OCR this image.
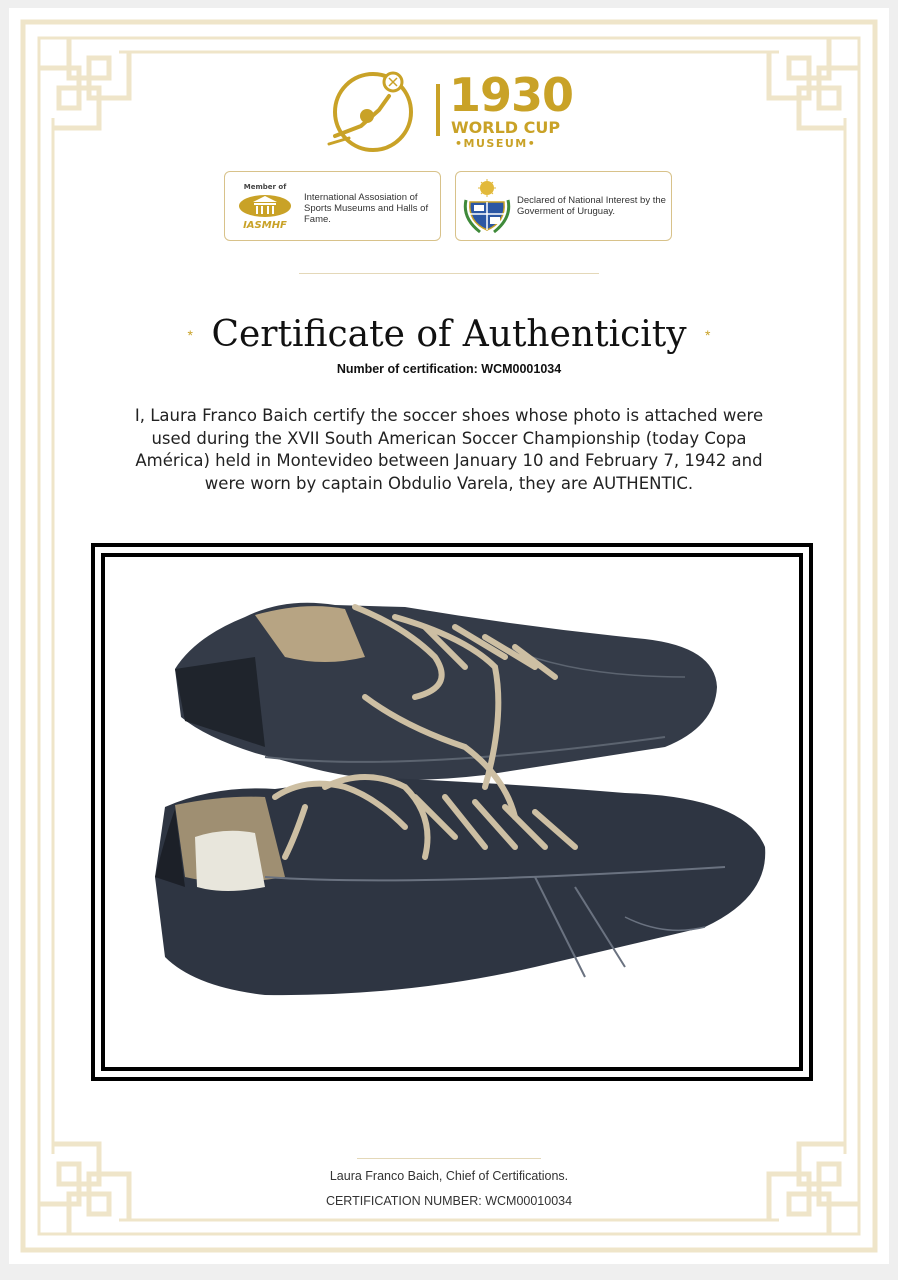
1930
WORLD CUP
•MUSEUM•
Member of
IASMHF
International Assosiation of Sports Museums and Halls of Fame.
Declared of National Interest by the Goverment of Uruguay.
* Certificate of Authenticity *
Number of certification: WCM0001034
I, Laura Franco Baich certify the soccer shoes whose photo is attached were used during the XVII South American Soccer Championship (today Copa América) held in Montevideo between January 10 and February 7, 1942 and were worn by captain Obdulio Varela, they are AUTHENTIC.
Laura Franco Baich, Chief of Certifications.
CERTIFICATION NUMBER: WCM00010034
